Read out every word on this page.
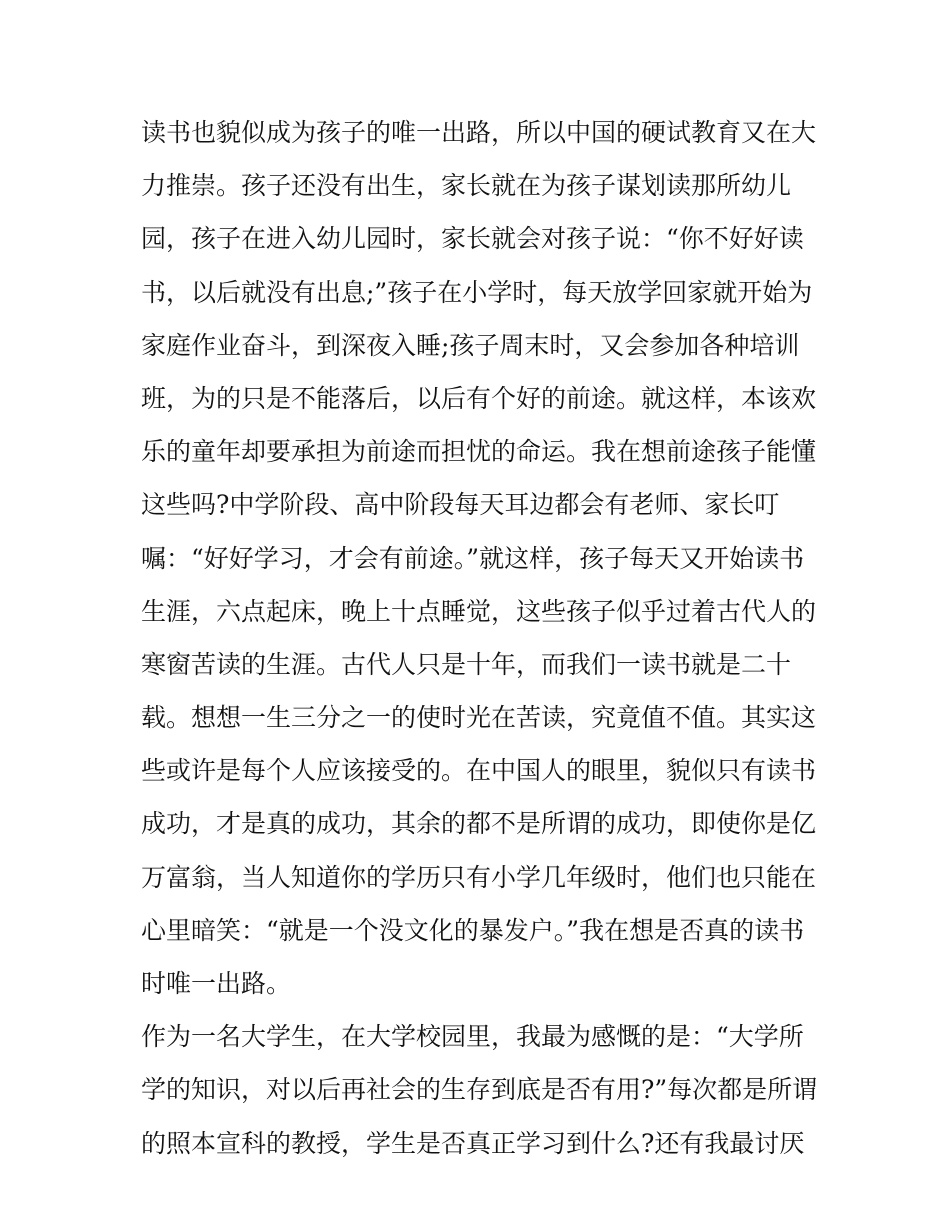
读书也貌似成为孩子的唯一出路，所以中国的硬试教育又在大
力推崇。孩子还没有出生，家长就在为孩子谋划读那所幼儿
园，孩子在进入幼儿园时，家长就会对孩子说：“你不好好读
书，以后就没有出息;”孩子在小学时，每天放学回家就开始为
家庭作业奋斗，到深夜入睡;孩子周末时，又会参加各种培训
班，为的只是不能落后，以后有个好的前途。就这样，本该欢
乐的童年却要承担为前途而担忧的命运。我在想前途孩子能懂
这些吗?中学阶段、高中阶段每天耳边都会有老师、家长叮
嘱：“好好学习，才会有前途。”就这样，孩子每天又开始读书
生涯，六点起床，晚上十点睡觉，这些孩子似乎过着古代人的
寒窗苦读的生涯。古代人只是十年，而我们一读书就是二十
载。想想一生三分之一的使时光在苦读，究竟值不值。其实这
些或许是每个人应该接受的。在中国人的眼里，貌似只有读书
成功，才是真的成功，其余的都不是所谓的成功，即使你是亿
万富翁，当人知道你的学历只有小学几年级时，他们也只能在
心里暗笑：“就是一个没文化的暴发户。”我在想是否真的读书
时唯一出路。
作为一名大学生，在大学校园里，我最为感慨的是：“大学所
学的知识，对以后再社会的生存到底是否有用?”每次都是所谓
的照本宣科的教授，学生是否真正学习到什么?还有我最讨厌
